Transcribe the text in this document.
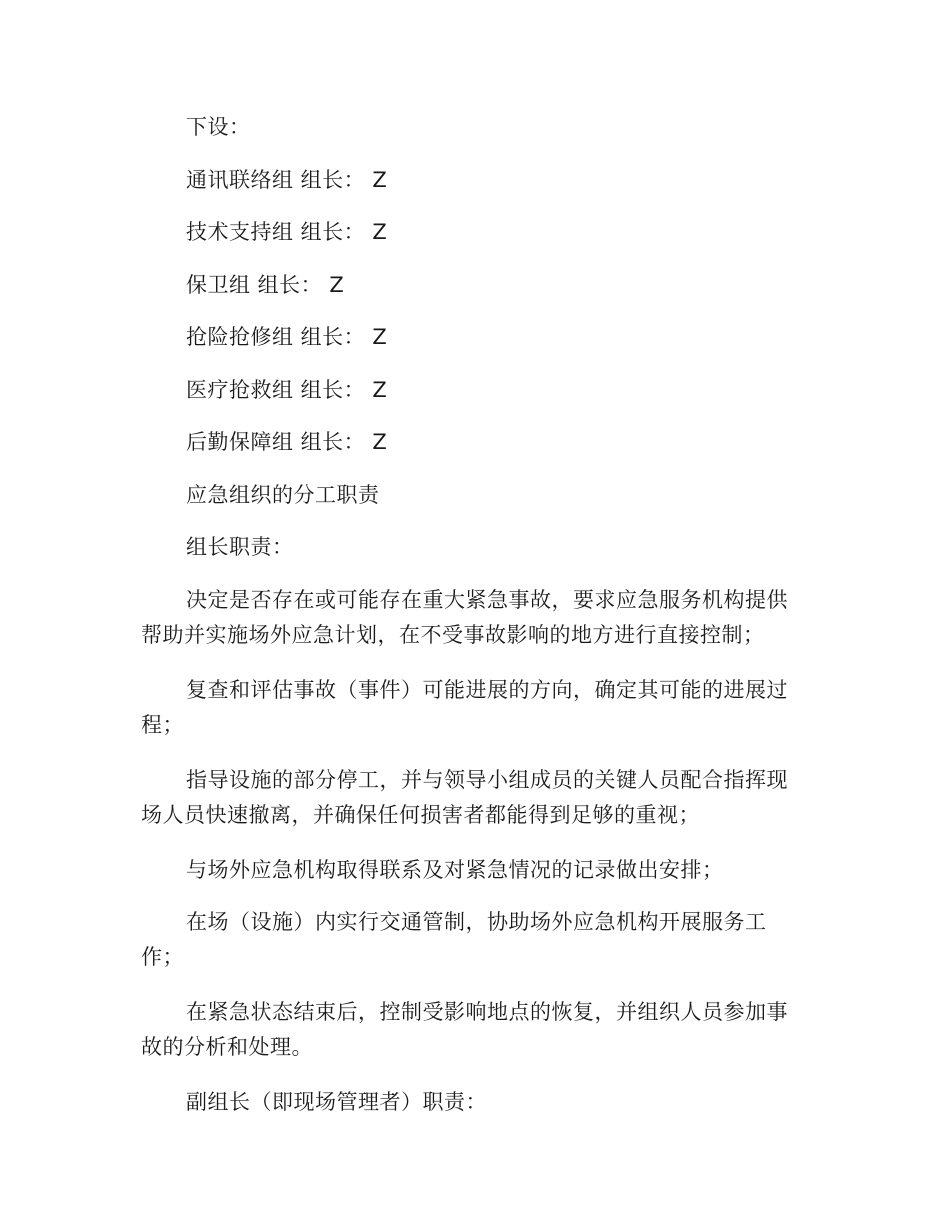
下设：
通讯联络组 组长： Z
技术支持组 组长： Z
保卫组 组长： Z
抢险抢修组 组长： Z
医疗抢救组 组长： Z
后勤保障组 组长： Z
应急组织的分工职责
组长职责：
决定是否存在或可能存在重大紧急事故，要求应急服务机构提供
帮助并实施场外应急计划，在不受事故影响的地方进行直接控制；
复查和评估事故（事件）可能进展的方向，确定其可能的进展过
程；
指导设施的部分停工，并与领导小组成员的关键人员配合指挥现
场人员快速撤离，并确保任何损害者都能得到足够的重视；
与场外应急机构取得联系及对紧急情况的记录做出安排；
在场（设施）内实行交通管制，协助场外应急机构开展服务工
作；
在紧急状态结束后，控制受影响地点的恢复，并组织人员参加事
故的分析和处理。
副组长（即现场管理者）职责：
